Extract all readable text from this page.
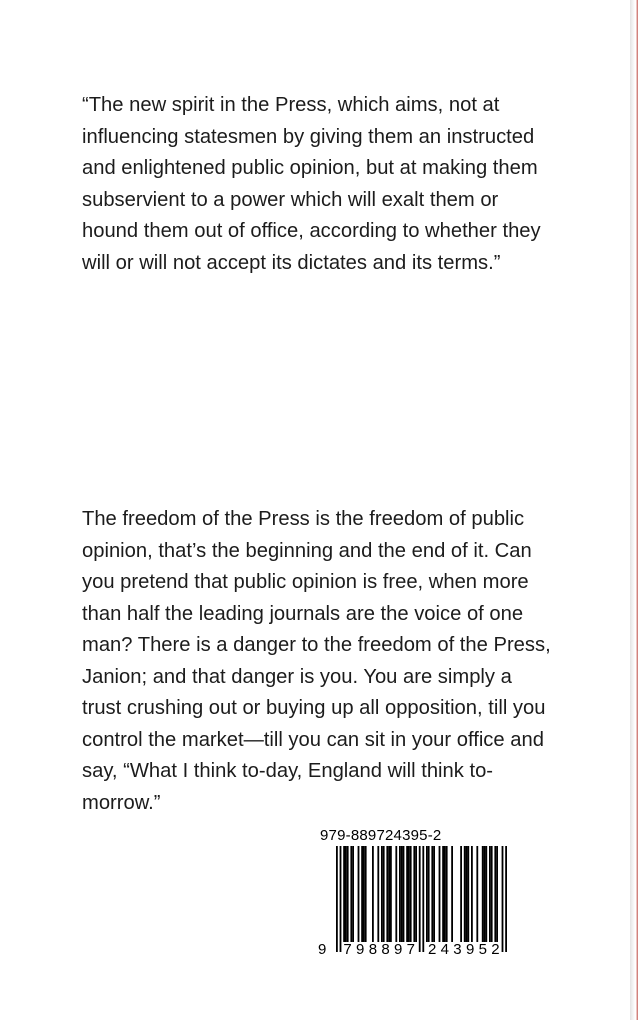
“The new spirit in the Press, which aims, not at influencing statesmen by giving them an instructed and enlightened public opinion, but at making them subservient to a power which will exalt them or hound them out of office, according to whether they will or will not accept its dictates and its terms.”

The freedom of the Press is the freedom of public opinion, that’s the beginning and the end of it. Can you pretend that public opinion is free, when more than half the leading journals are the voice of one man? There is a danger to the freedom of the Press, Janion; and that danger is you. You are simply a trust crushing out or buying up all opposition, till you control the market—till you can sit in your office and say, “What I think to-day, England will think to-morrow.”

979-889724395-2
9 798897 243952
